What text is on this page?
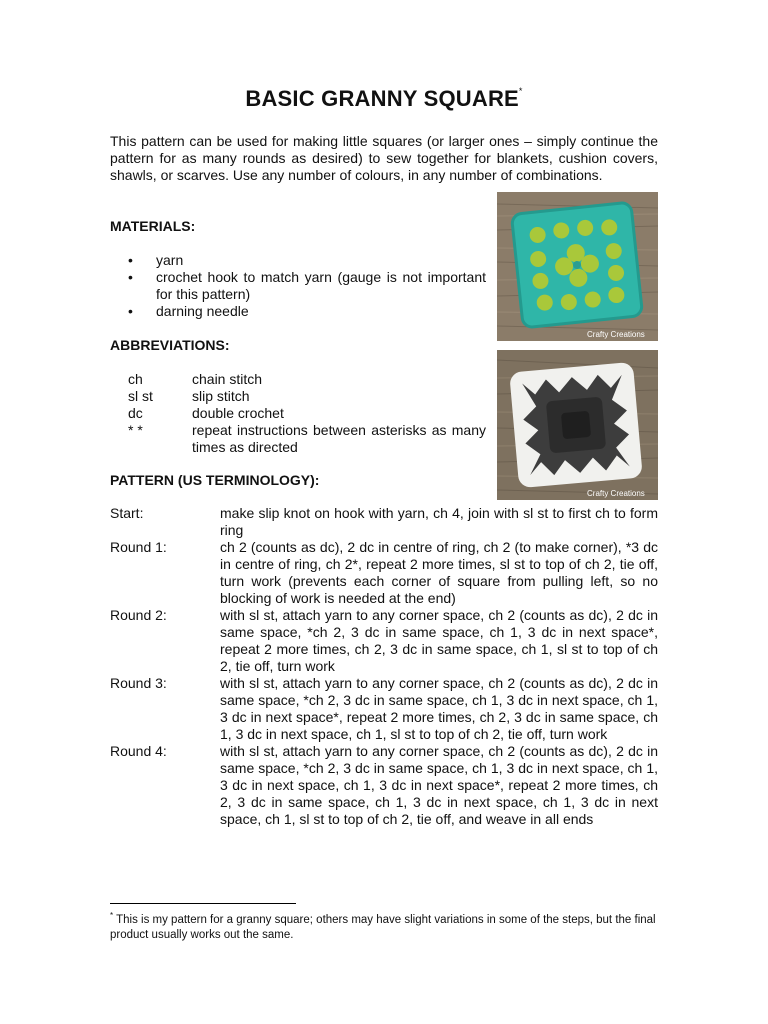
BASIC GRANNY SQUARE*
This pattern can be used for making little squares (or larger ones – simply continue the pattern for as many rounds as desired) to sew together for blankets, cushion covers, shawls, or scarves. Use any number of colours, in any number of combinations.
MATERIALS:
• yarn
• crochet hook to match yarn (gauge is not important for this pattern)
• darning needle
ABBREVIATIONS:
ch	chain stitch
sl st	slip stitch
dc	double crochet
* *	repeat instructions between asterisks as many times as directed
PATTERN (US TERMINOLOGY):
Start:	make slip knot on hook with yarn, ch 4, join with sl st to first ch to form ring
Round 1:	ch 2 (counts as dc), 2 dc in centre of ring, ch 2 (to make corner), *3 dc in centre of ring, ch 2*, repeat 2 more times, sl st to top of ch 2, tie off, turn work (prevents each corner of square from pulling left, so no blocking of work is needed at the end)
Round 2:	with sl st, attach yarn to any corner space, ch 2 (counts as dc), 2 dc in same space, *ch 2, 3 dc in same space, ch 1, 3 dc in next space*, repeat 2 more times, ch 2, 3 dc in same space, ch 1, sl st to top of ch 2, tie off, turn work
Round 3:	with sl st, attach yarn to any corner space, ch 2 (counts as dc), 2 dc in same space, *ch 2, 3 dc in same space, ch 1, 3 dc in next space, ch 1, 3 dc in next space*, repeat 2 more times, ch 2, 3 dc in same space, ch 1, 3 dc in next space, ch 1, sl st to top of ch 2, tie off, turn work
Round 4:	with sl st, attach yarn to any corner space, ch 2 (counts as dc), 2 dc in same space, *ch 2, 3 dc in same space, ch 1, 3 dc in next space, ch 1, 3 dc in next space, ch 1, 3 dc in next space*, repeat 2 more times, ch 2, 3 dc in same space, ch 1, 3 dc in next space, ch 1, 3 dc in next space, ch 1, sl st to top of ch 2, tie off, and weave in all ends
Crafty Creations
Crafty Creations
* This is my pattern for a granny square; others may have slight variations in some of the steps, but the final product usually works out the same.
